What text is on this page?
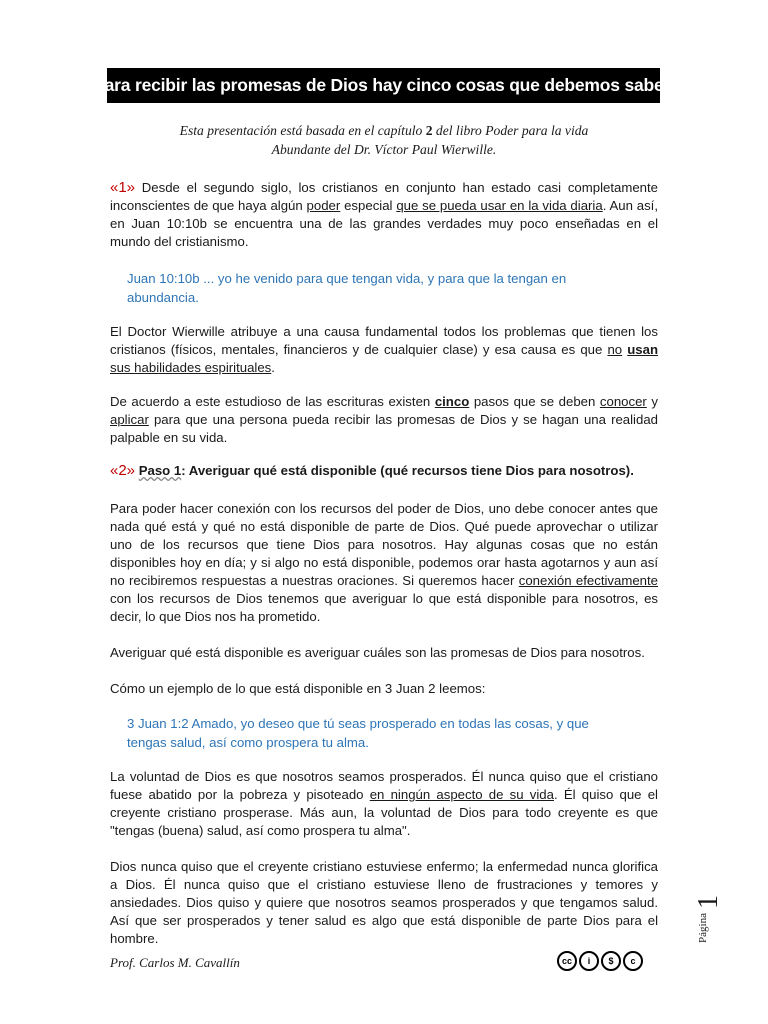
Para recibir las promesas de Dios hay cinco cosas que debemos saber.
Esta presentación está basada en el capítulo 2 del libro Poder para la vida
Abundante del Dr. Víctor Paul Wierwille.
«1» Desde el segundo siglo, los cristianos en conjunto han estado casi completamente inconscientes de que haya algún poder especial que se pueda usar en la vida diaria. Aun así, en Juan 10:10b se encuentra una de las grandes verdades muy poco enseñadas en el mundo del cristianismo.
Juan 10:10b ... yo he venido para que tengan vida, y para que la tengan en abundancia.
El Doctor Wierwille atribuye a una causa fundamental todos los problemas que tienen los cristianos (físicos, mentales, financieros y de cualquier clase) y esa causa es que no usan sus habilidades espirituales.
De acuerdo a este estudioso de las escrituras existen cinco pasos que se deben conocer y aplicar para que una persona pueda recibir las promesas de Dios y se hagan una realidad palpable en su vida.
«2» Paso 1: Averiguar qué está disponible (qué recursos tiene Dios para nosotros).
Para poder hacer conexión con los recursos del poder de Dios, uno debe conocer antes que nada qué está y qué no está disponible de parte de Dios. Qué puede aprovechar o utilizar uno de los recursos que tiene Dios para nosotros. Hay algunas cosas que no están disponibles hoy en día; y si algo no está disponible, podemos orar hasta agotarnos y aun así no recibiremos respuestas a nuestras oraciones. Si queremos hacer conexión efectivamente con los recursos de Dios tenemos que averiguar lo que está disponible para nosotros, es decir, lo que Dios nos ha prometido.
Averiguar qué está disponible es averiguar cuáles son las promesas de Dios para nosotros.
Cómo un ejemplo de lo que está disponible en 3 Juan 2 leemos:
3 Juan 1:2 Amado, yo deseo que tú seas prosperado en todas las cosas, y que tengas salud, así como prospera tu alma.
La voluntad de Dios es que nosotros seamos prosperados. Él nunca quiso que el cristiano fuese abatido por la pobreza y pisoteado en ningún aspecto de su vida. Él quiso que el creyente cristiano prosperase. Más aun, la voluntad de Dios para todo creyente es que "tengas (buena) salud, así como prospera tu alma".
Dios nunca quiso que el creyente cristiano estuviese enfermo; la enfermedad nunca glorifica a Dios. Él nunca quiso que el cristiano estuviese lleno de frustraciones y temores y ansiedades. Dios quiso y quiere que nosotros seamos prosperados y que tengamos salud. Así que ser prosperados y tener salud es algo que está disponible de parte Dios para el hombre.
Prof. Carlos M. Cavallín	cc	i	$	c
Página
1
